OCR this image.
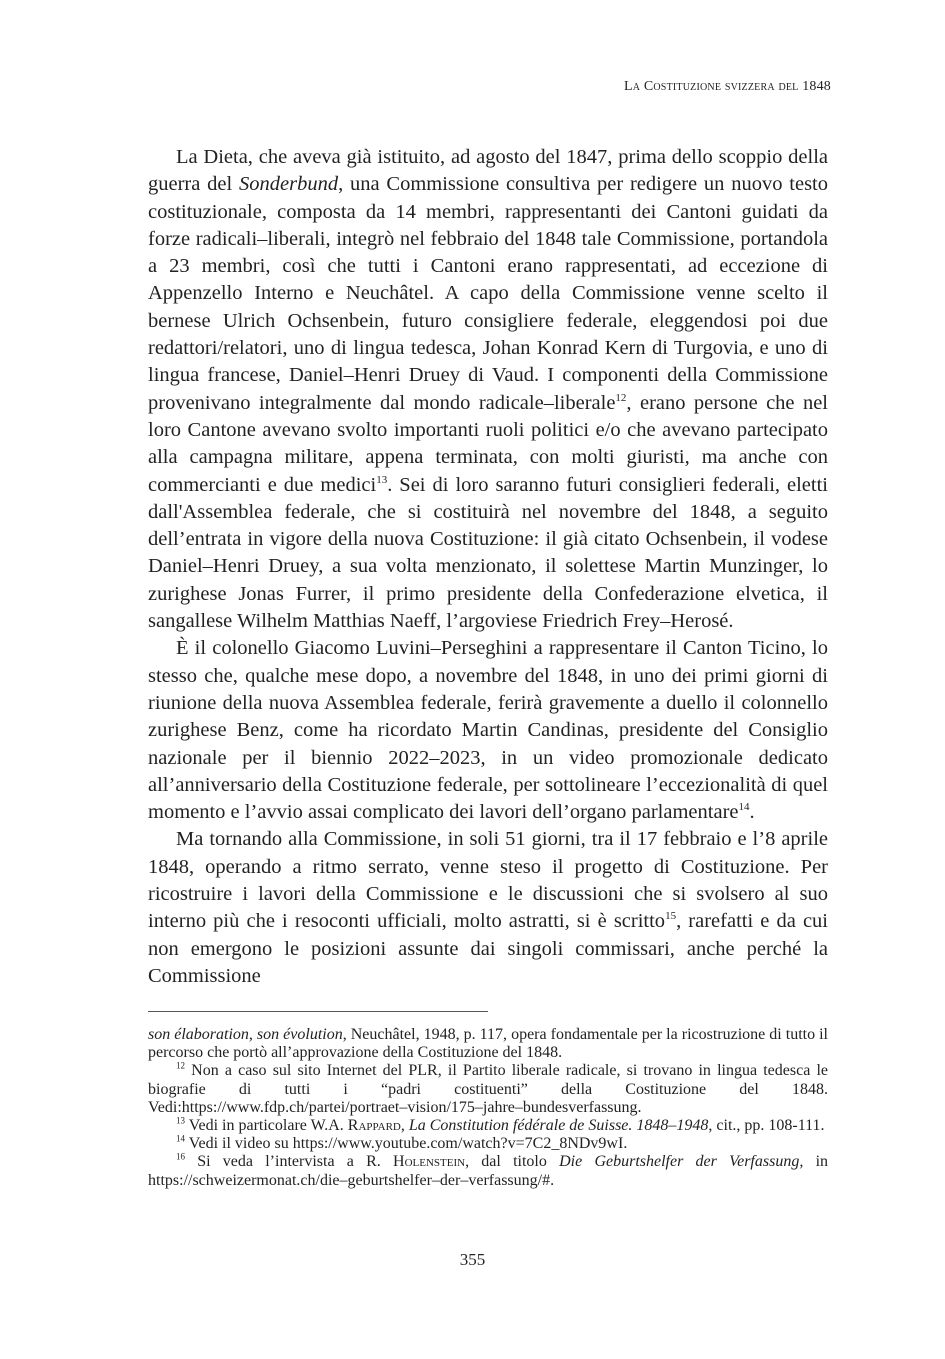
La Costituzione svizzera del 1848

La Dieta, che aveva già istituito, ad agosto del 1847, prima dello scoppio della guerra del Sonderbund, una Commissione consultiva per redigere un nuovo testo costituzionale, composta da 14 membri, rappresentanti dei Cantoni guidati da forze radicali–liberali, integrò nel febbraio del 1848 tale Commissione, portandola a 23 membri, così che tutti i Cantoni erano rappresentati, ad eccezione di Appenzello Interno e Neuchâtel. A capo della Commissione venne scelto il bernese Ulrich Ochsenbein, futuro consigliere federale, eleggendosi poi due redattori/relatori, uno di lingua tedesca, Johan Konrad Kern di Turgovia, e uno di lingua francese, Daniel–Henri Druey di Vaud. I componenti della Commissione provenivano integralmente dal mondo radicale–liberale$^{12}$, erano persone che nel loro Cantone avevano svolto importanti ruoli politici e/o che avevano partecipato alla campagna militare, appena terminata, con molti giuristi, ma anche con commercianti e due medici$^{13}$. Sei di loro saranno futuri consiglieri federali, eletti dall'Assemblea federale, che si costituirà nel novembre del 1848, a seguito dell’entrata in vigore della nuova Costituzione: il già citato Ochsenbein, il vodese Daniel–Henri Druey, a sua volta menzionato, il solettese Martin Munzinger, lo zurighese Jonas Furrer, il primo presidente della Confederazione elvetica, il sangallese Wilhelm Matthias Naeff, l’argoviese Friedrich Frey–Herosé.

È il colonello Giacomo Luvini–Perseghini a rappresentare il Canton Ticino, lo stesso che, qualche mese dopo, a novembre del 1848, in uno dei primi giorni di riunione della nuova Assemblea federale, ferirà gravemente a duello il colonnello zurighese Benz, come ha ricordato Martin Candinas, presidente del Consiglio nazionale per il biennio 2022–2023, in un video promozionale dedicato all’anniversario della Costituzione federale, per sottolineare l’eccezionalità di quel momento e l’avvio assai complicato dei lavori dell’organo parlamentare$^{14}$.

Ma tornando alla Commissione, in soli 51 giorni, tra il 17 febbraio e l’8 aprile 1848, operando a ritmo serrato, venne steso il progetto di Costituzione. Per ricostruire i lavori della Commissione e le discussioni che si svolsero al suo interno più che i resoconti ufficiali, molto astratti, si è scritto$^{15}$, rarefatti e da cui non emergono le posizioni assunte dai singoli commissari, anche perché la Commissione

son élaboration, son évolution, Neuchâtel, 1948, p. 117, opera fondamentale per la ricostruzione di tutto il percorso che portò all’approvazione della Costituzione del 1848.

$^{12}$ Non a caso sul sito Internet del PLR, il Partito liberale radicale, si trovano in lingua tedesca le biografie di tutti i “padri costituenti” della Costituzione del 1848. Vedi:https://www.fdp.ch/partei/portraet–vision/175–jahre–bundesverfassung.

$^{13}$ Vedi in particolare W.A. Rappard, La Constitution fédérale de Suisse. 1848–1948, cit., pp. 108-111.

$^{14}$ Vedi il video su https://www.youtube.com/watch?v=7C2_8NDv9wI.

$^{16}$ Si veda l’intervista a R. Holenstein, dal titolo Die Geburtshelfer der Verfassung, in https://schweizermonat.ch/die–geburtshelfer–der–verfassung/#.

355
